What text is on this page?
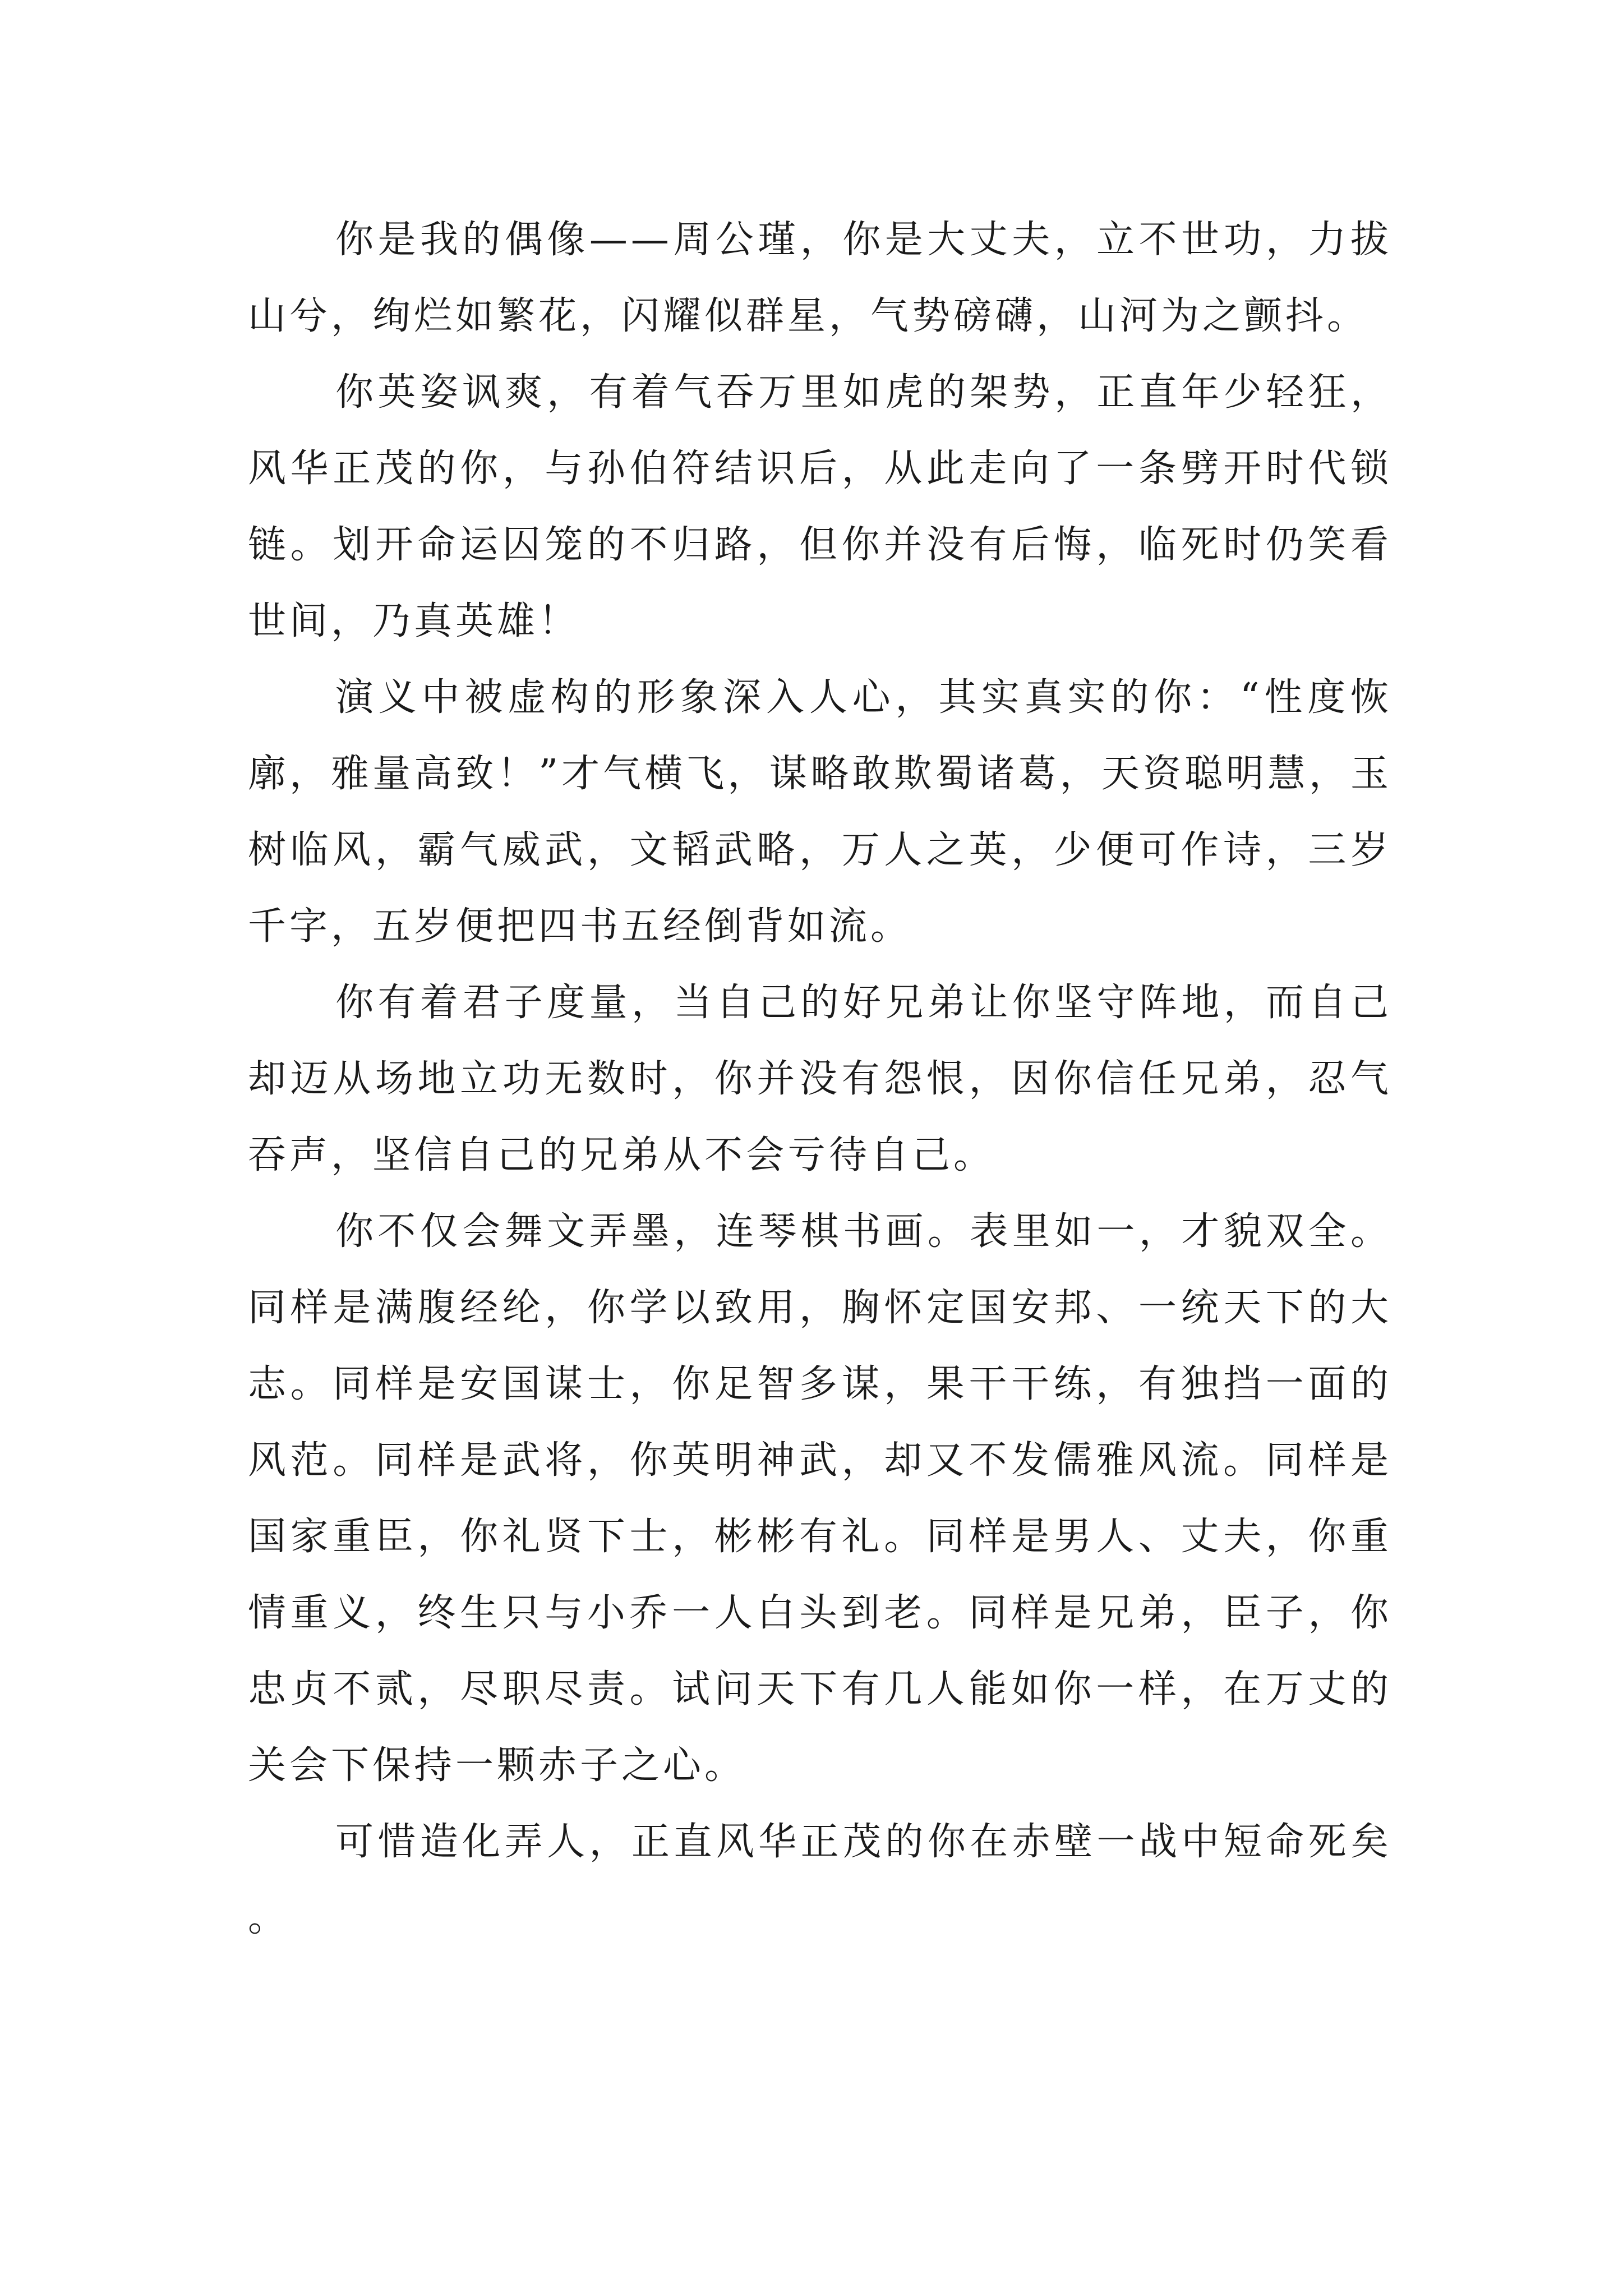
你是我的偶像——周公瑾，你是大丈夫，立不世功，力拔山兮，绚烂如繁花，闪耀似群星，气势磅礴，山河为之颤抖。

你英姿讽爽，有着气吞万里如虎的架势，正直年少轻狂，风华正茂的你，与孙伯符结识后，从此走向了一条劈开时代锁链。划开命运囚笼的不归路，但你并没有后悔，临死时仍笑看世间，乃真英雄！

演义中被虚构的形象深入人心，其实真实的你：“性度恢廓，雅量高致！”才气横飞，谋略敢欺蜀诸葛，天资聪明慧，玉树临风，霸气威武，文韬武略，万人之英，少便可作诗，三岁千字，五岁便把四书五经倒背如流。

你有着君子度量，当自己的好兄弟让你坚守阵地，而自己却迈从场地立功无数时，你并没有怨恨，因你信任兄弟，忍气吞声，坚信自己的兄弟从不会亏待自己。

你不仅会舞文弄墨，连琴棋书画。表里如一，才貌双全。同样是满腹经纶，你学以致用，胸怀定国安邦、一统天下的大志。同样是安国谋士，你足智多谋，果干干练，有独挡一面的风范。同样是武将，你英明神武，却又不发儒雅风流。同样是国家重臣，你礼贤下士，彬彬有礼。同样是男人、丈夫，你重情重义，终生只与小乔一人白头到老。同样是兄弟，臣子，你忠贞不贰，尽职尽责。试问天下有几人能如你一样，在万丈的关会下保持一颗赤子之心。

可惜造化弄人，正直风华正茂的你在赤壁一战中短命死矣。
